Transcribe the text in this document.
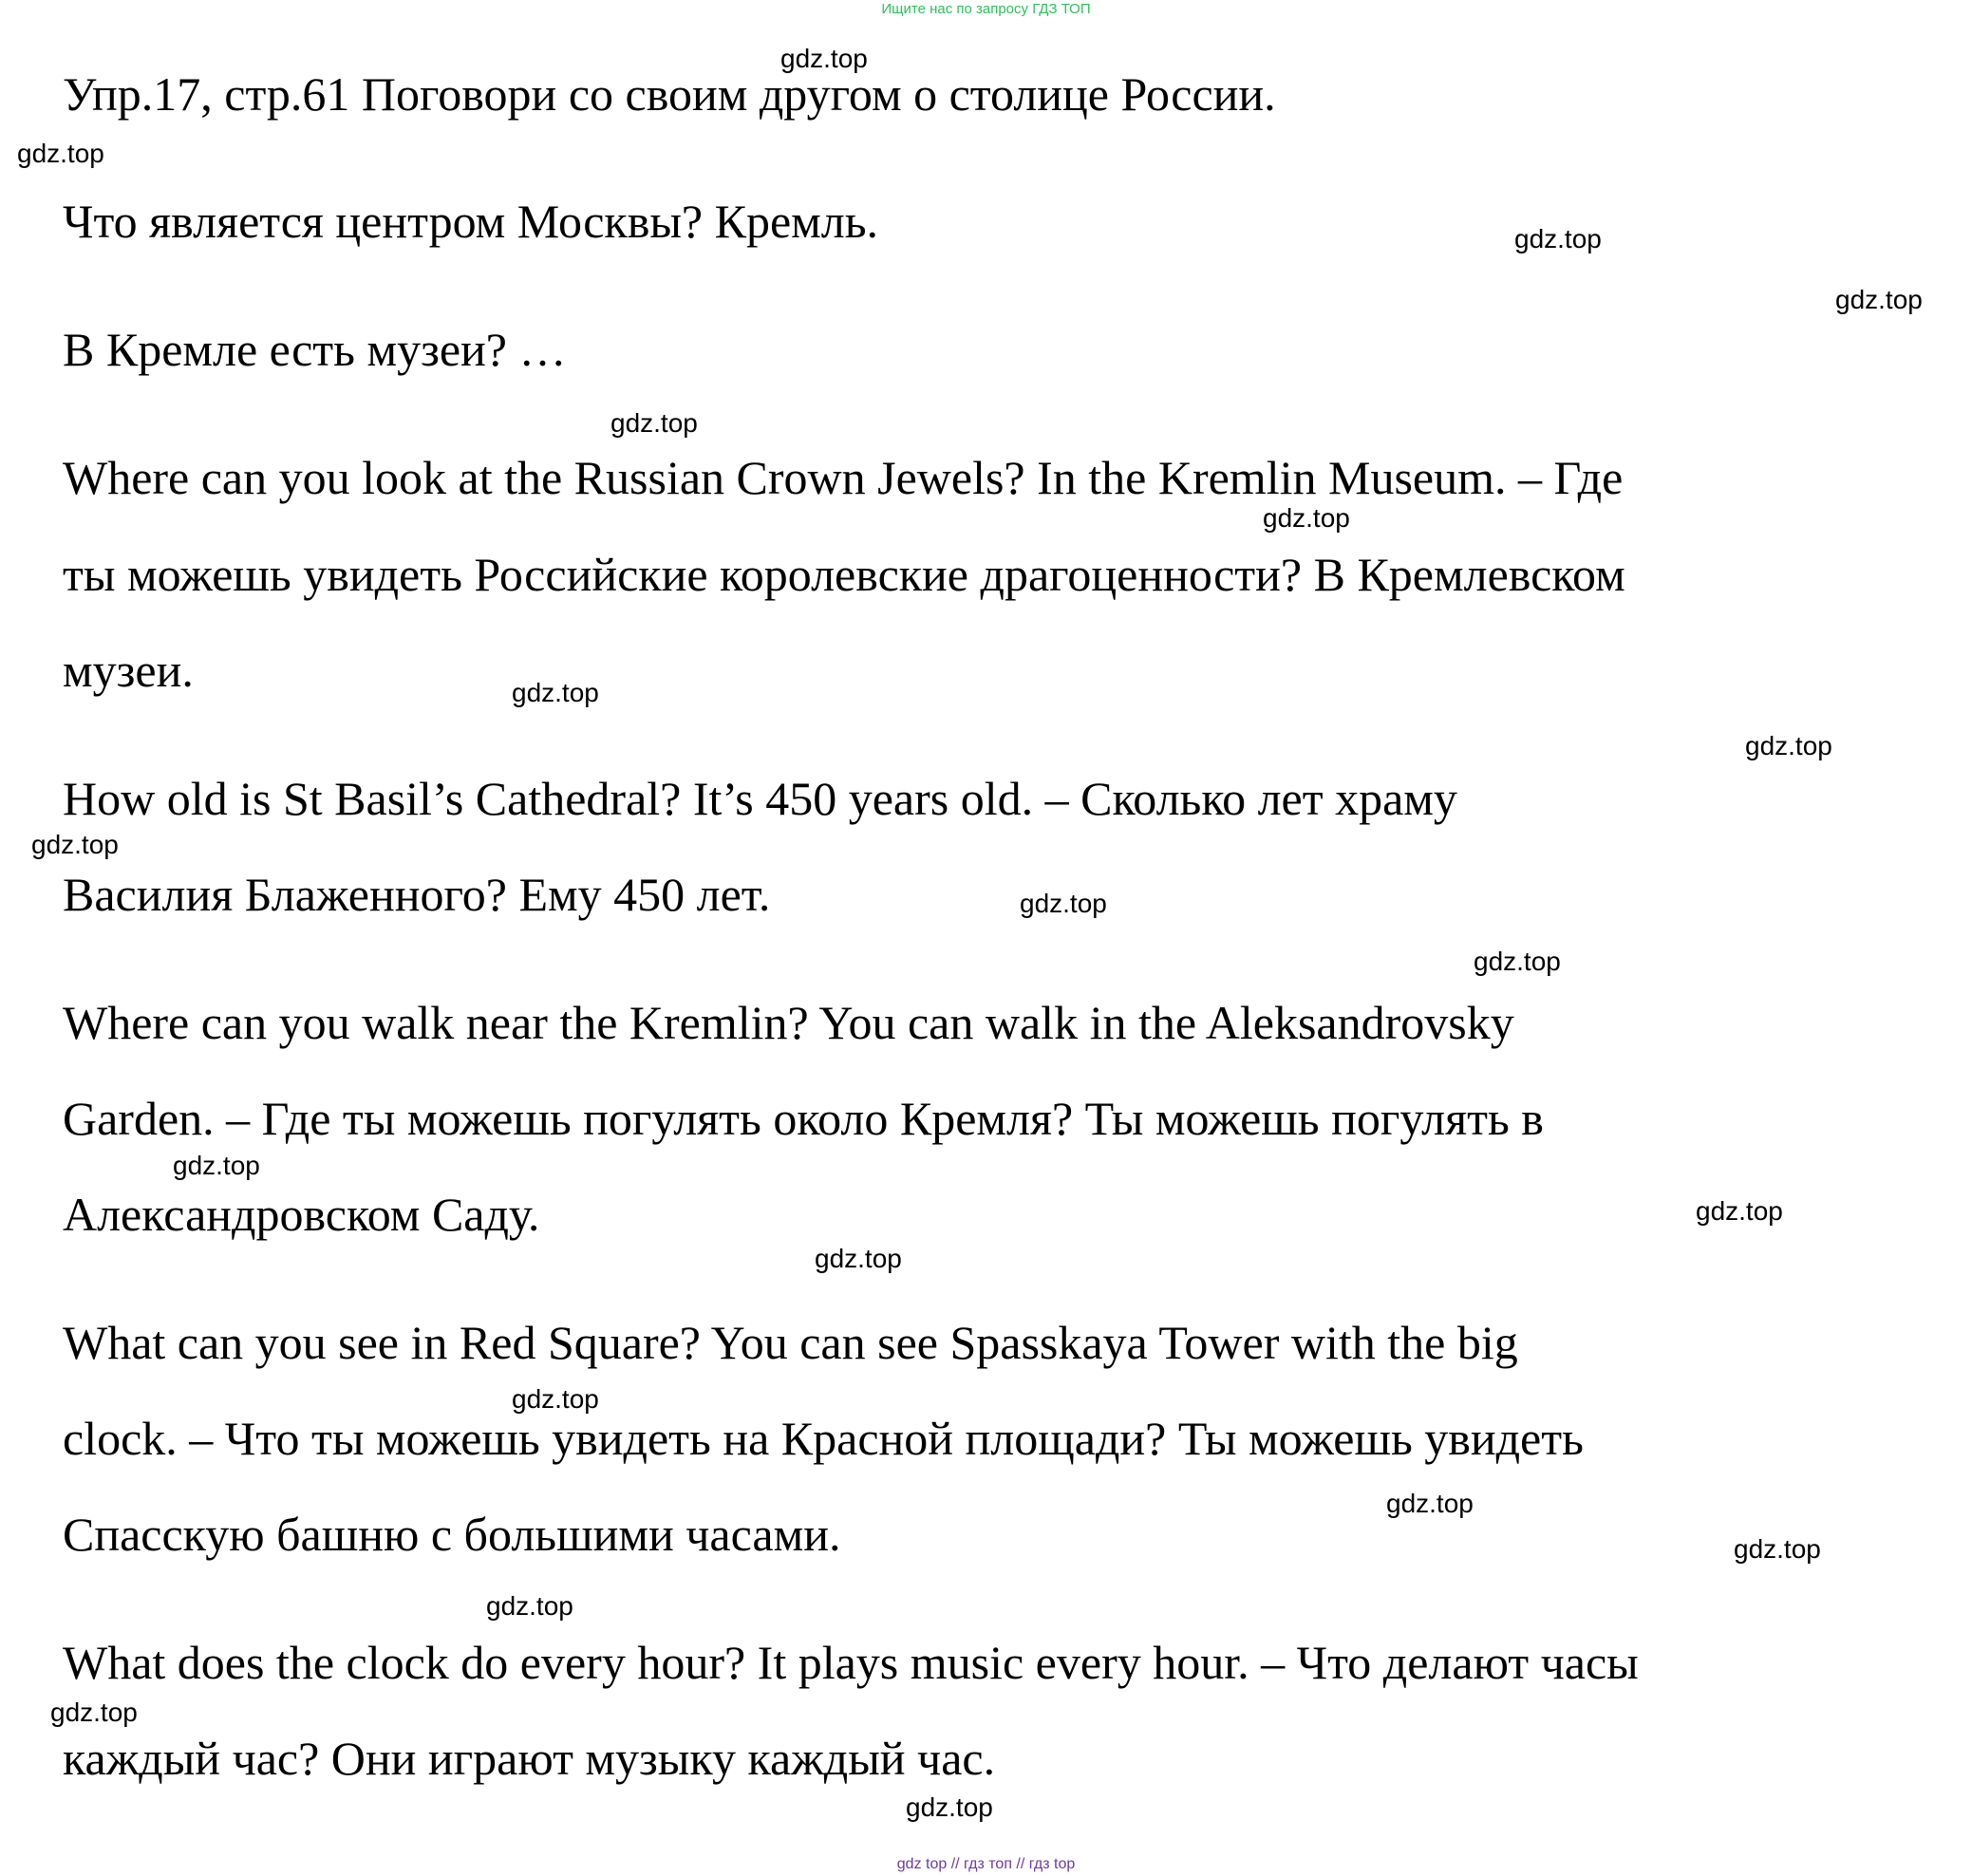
Ищите нас по запросу ГДЗ ТОП
Упр.17, стр.61 Поговори со своим другом о столице России.
Что является центром Москвы? Кремль.
В Кремле есть музеи? …
Where can you look at the Russian Crown Jewels? In the Kremlin Museum. – Где
ты можешь увидеть Российские королевские драгоценности? В Кремлевском
музеи.
How old is St Basil’s Cathedral? It’s 450 years old. – Сколько лет храму
Василия Блаженного? Ему 450 лет.
Where can you walk near the Kremlin? You can walk in the Aleksandrovsky
Garden. – Где ты можешь погулять около Кремля? Ты можешь погулять в
Александровском Саду.
What can you see in Red Square? You can see Spasskaya Tower with the big
clock. – Что ты можешь увидеть на Красной площади? Ты можешь увидеть
Спасскую башню с большими часами.
What does the clock do every hour? It plays music every hour. – Что делают часы
каждый час? Они играют музыку каждый час.
gdz.top
gdz.top
gdz.top
gdz.top
gdz.top
gdz.top
gdz.top
gdz.top
gdz.top
gdz.top
gdz.top
gdz.top
gdz.top
gdz.top
gdz.top
gdz.top
gdz.top
gdz.top
gdz.top
gdz.top
gdz top // гдз топ // гдз top
